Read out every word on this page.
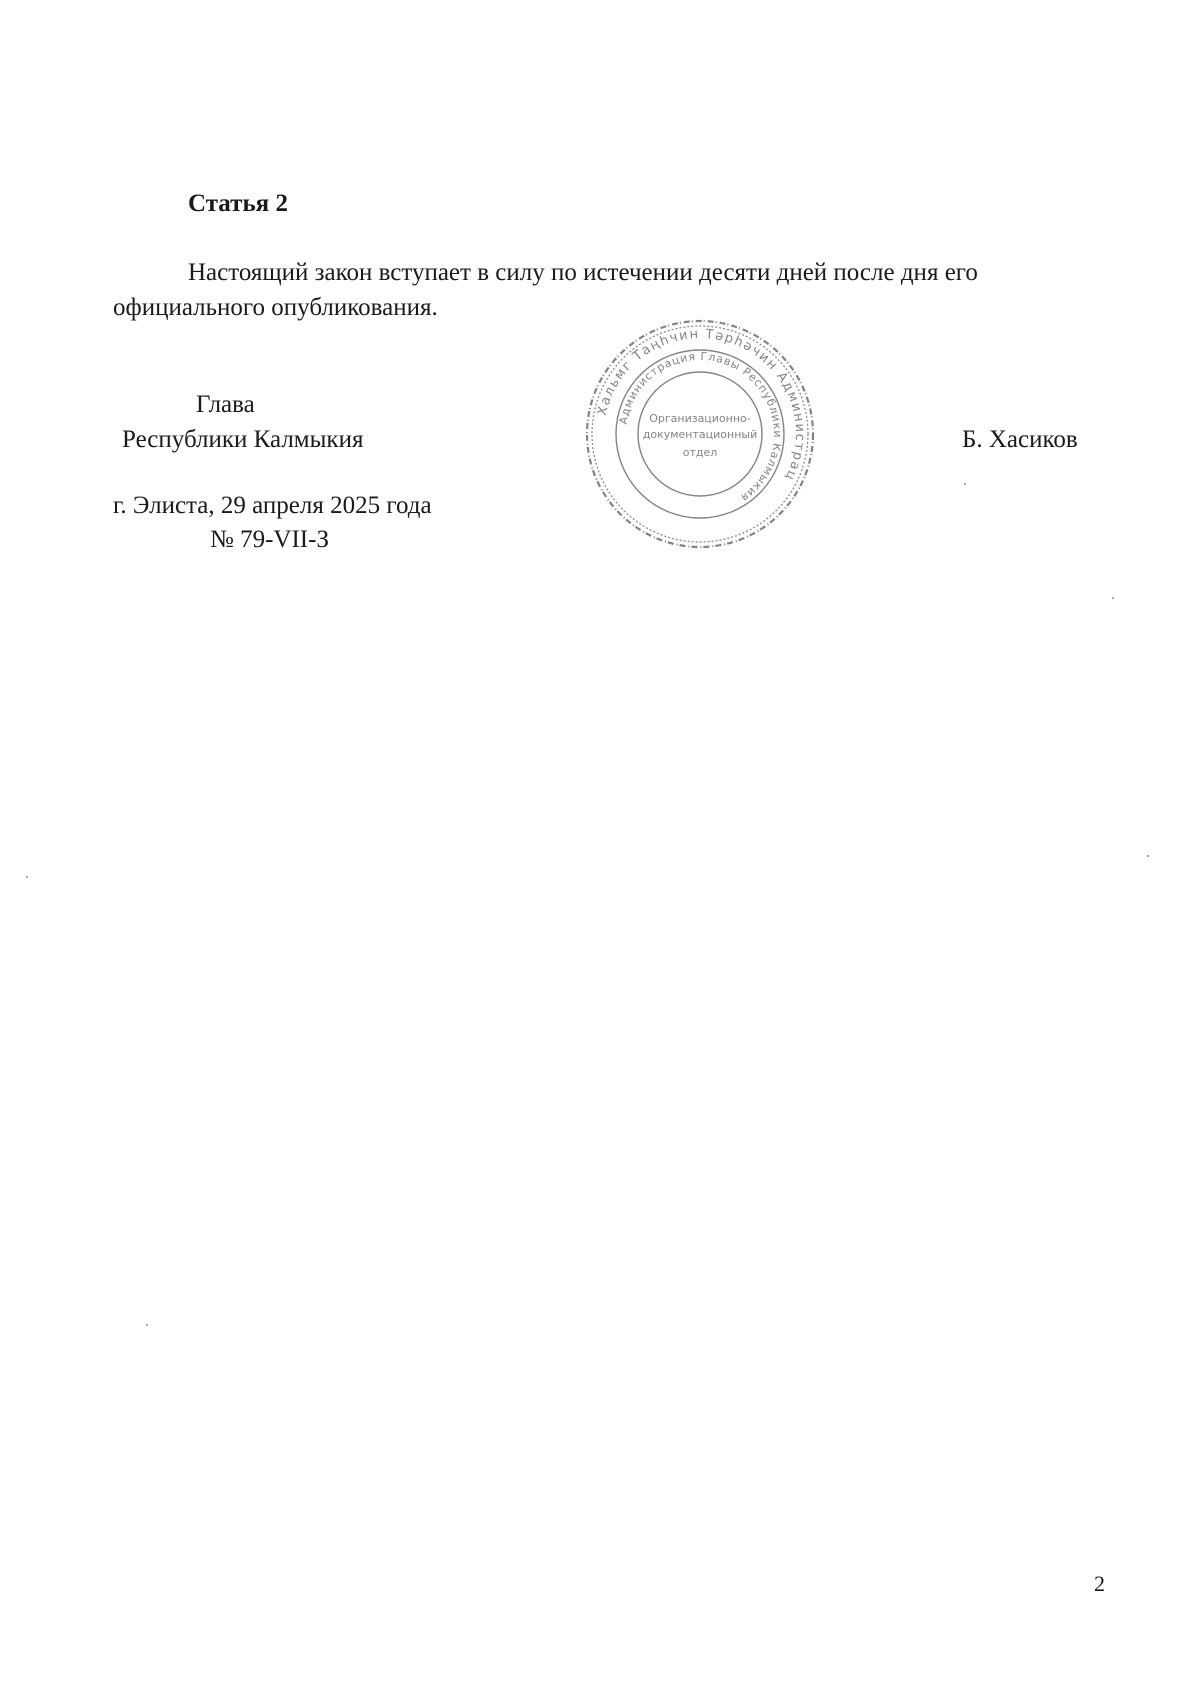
Статья 2
Настоящий закон вступает в силу по истечении десяти дней после дня его
официального опубликования.
Глава
Республики Калмыкия	Б. Хасиков
г. Элиста, 29 апреля 2025 года
№ 79-VII-З
Хальмг Таңһчин Тәрһәчин Администрац
Администрация Главы Республики Калмыкия
Организационно-
документационный
отдел
2
